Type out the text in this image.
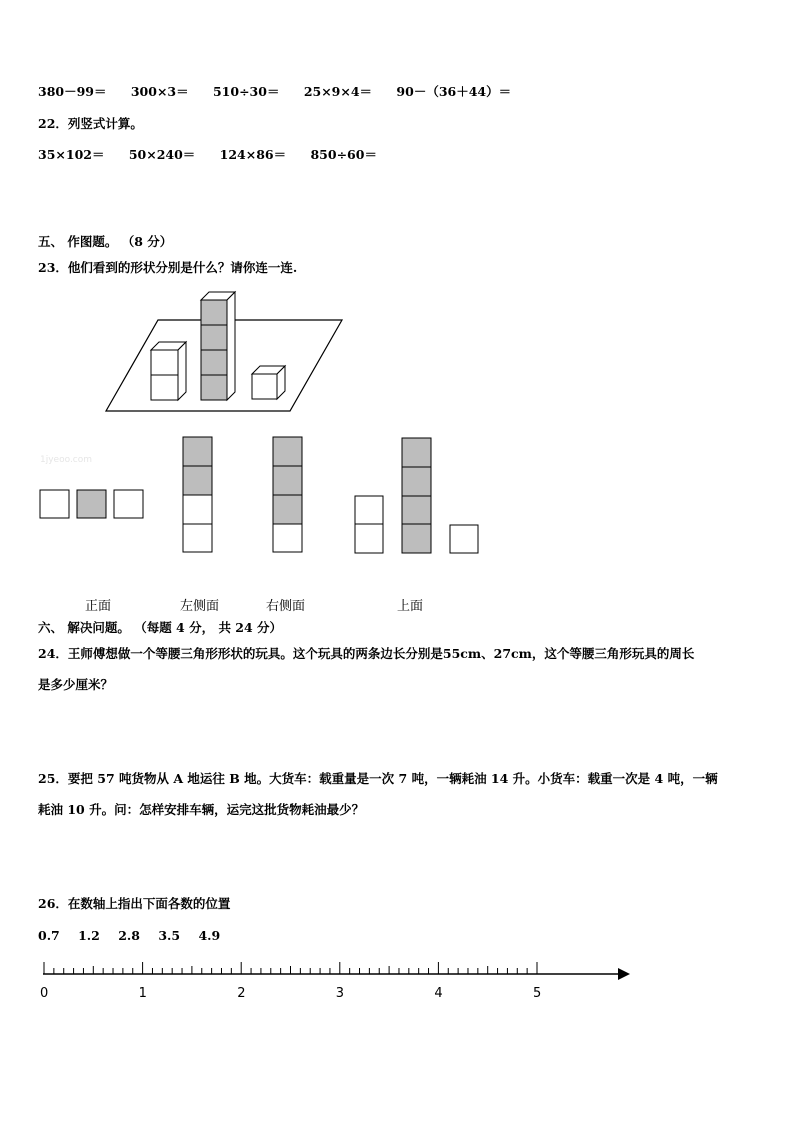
380－99＝ 300×3＝ 510÷30＝ 25×9×4＝ 90－（36＋44）＝
22．列竖式计算。
35×102＝ 50×240＝ 124×86＝ 850÷60＝
五、 作图题。 （8 分）
23．他们看到的形状分别是什么？请你连一连.
1jyeoo.com
正面	左侧面	右侧面	上面
六、 解决问题。 （每题 4 分， 共 24 分）
24．王师傅想做一个等腰三角形形状的玩具。这个玩具的两条边长分别是55cm、27cm，这个等腰三角形玩具的周长
是多少厘米？
25．要把 57 吨货物从 A 地运往 B 地。大货车：载重量是一次 7 吨，一辆耗油 14 升。小货车：载重一次是 4 吨，一辆
耗油 10 升。问：怎样安排车辆，运完这批货物耗油最少？
26．在数轴上指出下面各数的位置
0.7 1.2 2.8 3.5 4.9
0	1	2	3	4	5
